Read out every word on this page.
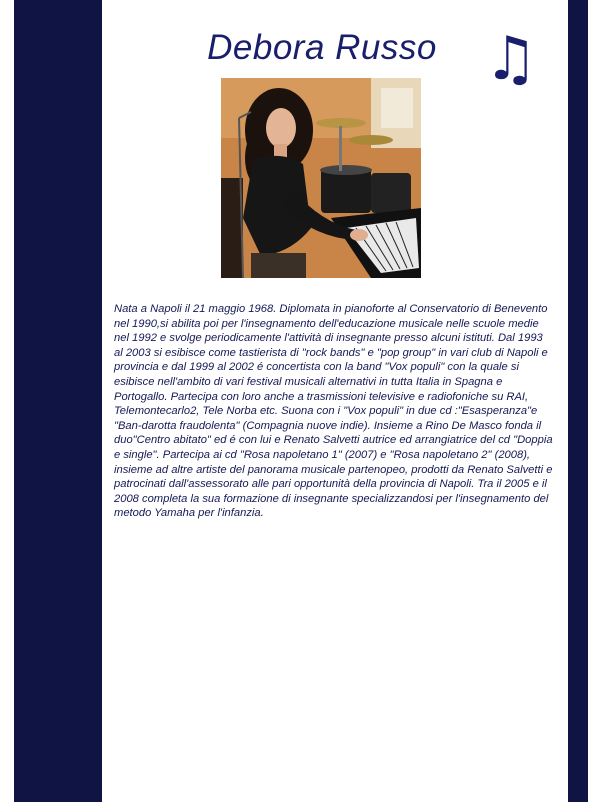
Debora Russo ♫

Nata a Napoli il 21 maggio 1968. Diplomata in pianoforte al Conservatorio di Benevento nel 1990,si abilita poi per l'insegnamento dell'educazione musicale nelle scuole medie nel 1992 e svolge periodicamente l'attività di insegnante presso alcuni istituti. Dal 1993 al 2003 si esibisce come tastierista di "rock bands" e "pop group" in vari club di Napoli e provincia e dal 1999 al 2002 é concertista con la band "Vox populi" con la quale si esibisce nell'ambito di vari festival musicali alternativi in tutta Italia in Spagna e Portogallo. Partecipa con loro anche a trasmissioni televisive e radiofoniche su RAI, Telemontecarlo2, Tele Norba etc. Suona con i "Vox populi" in due cd :"Esasperanza"e "Ban-darotta fraudolenta" (Compagnia nuove indie). Insieme a Rino De Masco fonda il duo"Centro abitato" ed é con lui e Renato Salvetti autrice ed arrangiatrice del cd "Doppia e single". Partecipa ai cd "Rosa napoletano 1" (2007) e "Rosa napoletano 2" (2008), insieme ad altre artiste del panorama musicale partenopeo, prodotti da Renato Salvetti e patrocinati dall'assessorato alle pari opportunità della provincia di Napoli. Tra il 2005 e il 2008 completa la sua formazione di insegnante specializzandosi per l'insegnamento del metodo Yamaha per l'infanzia.
